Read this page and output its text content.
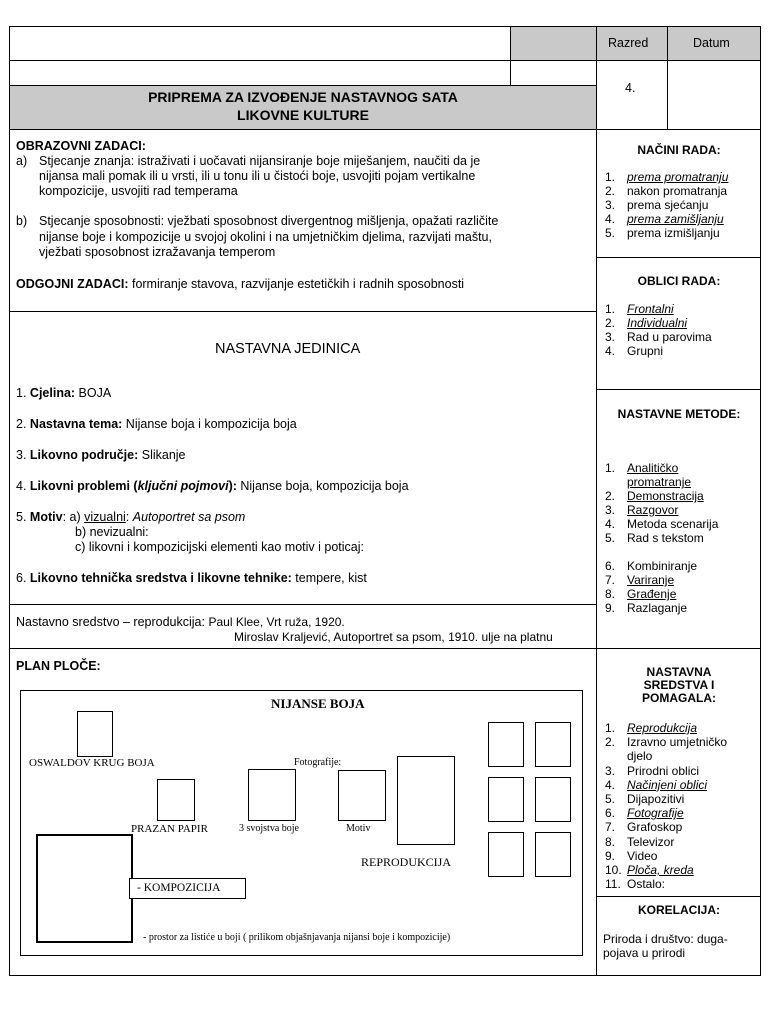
Razred	Datum
4.
PRIPREMA ZA IZVOĐENJE NASTAVNOG SATA
LIKOVNE KULTURE
OBRAZOVNI ZADACI:
a) Stjecanje znanja: istraživati i uočavati nijansiranje boje miješanjem, naučiti da je
nijansa mali pomak ili u vrsti, ili u tonu ili u čistoći boje, usvojiti pojam vertikalne
kompozicije, usvojiti rad temperama
b) Stjecanje sposobnosti: vježbati sposobnost divergentnog mišljenja, opažati različite
nijanse boje i kompozicije u svojoj okolini i na umjetničkim djelima, razvijati maštu,
vježbati sposobnost izražavanja temperom
ODGOJNI ZADACI: formiranje stavova, razvijanje estetičkih i radnih sposobnosti
NASTAVNA JEDINICA
1. Cjelina: BOJA
2. Nastavna tema: Nijanse boja i kompozicija boja
3. Likovno područje: Slikanje
4. Likovni problemi (ključni pojmovi): Nijanse boja, kompozicija boja
5. Motiv: a) vizualni: Autoportret sa psom
b) nevizualni:
c) likovni i kompozicijski elementi kao motiv i poticaj:
6. Likovno tehnička sredstva i likovne tehnike: tempere, kist
Nastavno sredstvo – reprodukcija: Paul Klee, Vrt ruža, 1920.
Miroslav Kraljević, Autoportret sa psom, 1910. ulje na platnu
PLAN PLOČE:
NIJANSE BOJA
OSWALDOV KRUG BOJA	Fotografije:
PRAZAN PAPIR	3 svojstva boje	Motiv
REPRODUKCIJA
- KOMPOZICIJA
- prostor za listiće u boji ( prilikom objašnjavanja nijansi boje i kompozicije)
NAČINI RADA:
1. prema promatranju
2. nakon promatranja
3. prema sjećanju
4. prema zamišljanju
5. prema izmišljanju
OBLICI RADA:
1. Frontalni
2. Individualni
3. Rad u parovima
4. Grupni
NASTAVNE METODE:
1. Analitičko
promatranje
2. Demonstracija
3. Razgovor
4. Metoda scenarija
5. Rad s tekstom
6. Kombiniranje
7. Variranje
8. Građenje
9. Razlaganje
NASTAVNA
SREDSTVA I
POMAGALA:
1. Reprodukcija
2. Izravno umjetničko
djelo
3. Prirodni oblici
4. Načinjeni oblici
5. Dijapozitivi
6. Fotografije
7. Grafoskop
8. Televizor
9. Video
10. Ploča, kreda
11. Ostalo:
KORELACIJA:
Priroda i društvo: duga-
pojava u prirodi
